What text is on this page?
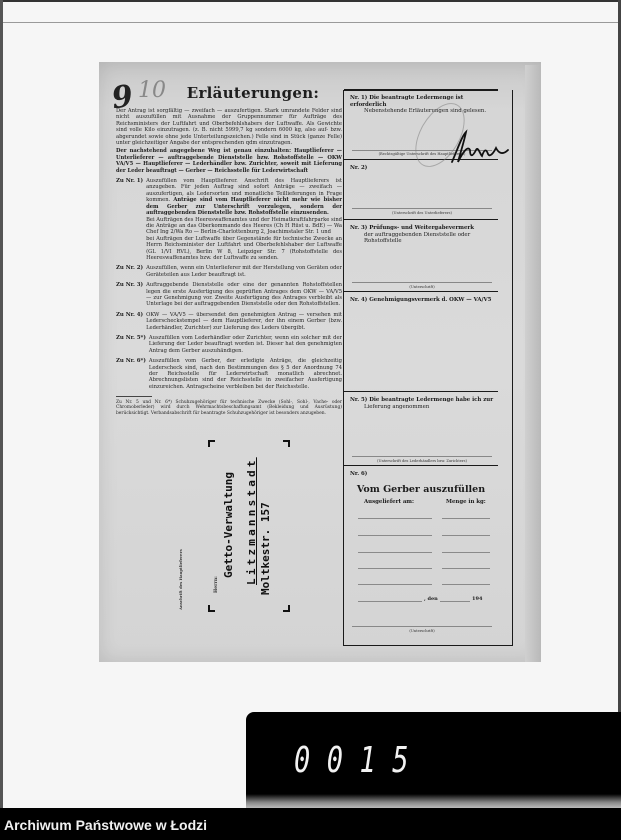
9 10	Erläuterungen:

Der Antrag ist sorgfältig — zweifach — auszufertigen. Stark umrandete Felder sind nicht auszufüllen mit Ausnahme der Gruppennummer für Aufträge des Reichsministers der Luftfahrt und Oberbefehlshabers der Luftwaffe. Als Gewichte sind volle Kilo einzutragen. (z. B. nicht 5999,7 kg sondern 6000 kg, also auf- bzw. abgerundet sowie ohne jede Unterteilungszeichen.) Felle sind in Stück (ganze Felle) unter gleichzeitiger Angabe der entsprechenden qdm einzutragen.

Der nachstehend angegebene Weg ist genau einzuhalten: Hauptlieferer — Unterlieferer — auftraggebende Dienststelle bzw. Rohstoffstelle — OKW VA/V5 — Hauptlieferer — Lederhändler bzw. Zurichter, soweit mit Lieferung der Leder beauftragt — Gerber — Reichsstelle für Lederwirtschaft

Zu Nr. 1) Auszufüllen vom Hauptlieferer. Anschrift des Hauptlieferers ist anzugeben. Für jeden Auftrag sind sofort Anträge — zweifach — auszufertigen, als Ledersorten und monatliche Teillieferungen in Frage kommen. Anträge sind vom Hauptlieferer nicht mehr wie bisher dem Gerber zur Unterschrift vorzulegen, sondern der auftraggebenden Dienststelle bzw. Rohstoffstelle einzusenden.

Bei Aufträgen des Heereswaffenamtes und der Heimatkraftfahrparke sind die Anträge an das Oberkommando des Heeres (Ch H Rüst u. BdE) — Wa Chef Ing 2/Wa Ro — Berlin-Charlottenburg 2, Joachimstaler Str. 1 und

bei Aufträgen der Luftwaffe über Gegenstände für technische Zwecke an Herrn Reichsminister der Luftfahrt und Oberbefehlshaber der Luftwaffe (GL 1/VI RVL), Berlin W 8, Leipziger Str. 7 (Rohstoffstelle des Heereswaffenamtes bzw. der Luftwaffe zu senden.

Zu Nr. 2) Auszufüllen, wenn ein Unterlieferer mit der Herstellung von Geräten oder Geräteteilen aus Leder beauftragt ist.
Zu Nr. 3) Auftraggebende Dienststelle oder eine der genannten Rohstoffstellen legen die erste Ausfertigung des geprüften Antrages dem OKW — VA/V5 — zur Genehmigung vor. Zweite Ausfertigung des Antrages verbleibt als Unterlage bei der auftraggebenden Dienststelle oder den Rohstoffstellen.
Zu Nr. 4) OKW — VA/V5 — übersendet den genehmigten Antrag — versehen mit Lederscheckstempel — dem Hauptlieferer, der ihn einem Gerber (bzw. Lederhändler, Zurichter) zur Lieferung des Leders übergibt.
Zu Nr. 5*) Auszufüllen vom Lederhändler oder Zurichter, wenn ein solcher mit der Lieferung der Leder beauftragt worden ist. Dieser hat den genehmigten Antrag dem Gerber auszuhändigen.
Zu Nr. 6*) Auszufüllen vom Gerber, der erledigte Anträge, die gleichzeitig Lederscheck sind, nach den Bestimmungen des § 5 der Anordnung 74 der Reichsstelle für Lederwirtschaft monatlich abrechnet. Abrechnungslisten sind der Reichsstelle in zweifacher Ausfertigung einzureichen. Antragscheine verbleiben bei der Reichsstelle.

Zu Nr. 5 und Nr. 6*) Schuhzugehöriger für technische Zwecke (Sohl-, Sohl-, Vache- oder Chromoberleder) wird durch Wehrmachtsbeschaffungsamt (Bekleidung und Ausrüstung) berücksichtigt. Verbandsabschrift für beantragte Schuhzugehöriger ist besonders anzugeben.

Nr. 1) Die beantragte Ledermenge ist erforderlich
Nebenstehende Erläuterungen sind gelesen.
(Rechtsgültige Unterschrift des Hauptlieferers)
Nr. 2)
(Unterschrift des Unterlieferers)
Nr. 3) Prüfungs- und Weitergabevermerk
der auftraggebenden Dienststelle oder Rohstoffstelle
(Unterschrift)
Nr. 4) Genehmigungsvermerk d. OKW — VA/V5
Nr. 5) Die beantragte Ledermenge habe ich zur
Lieferung angenommen
(Unterschrift des Lederhändlers bzw. Zurichters)
Nr. 6)
Vom Gerber auszufüllen
Ausgeliefert am:	Menge in kg:
, den	194
(Unterschrift)
Anschrift des Hauptlieferers	Herrn:
Getto-Verwaltung Litzmannstadt Moltkestr. 157
0015
Archiwum Państwowe w Łodzi
